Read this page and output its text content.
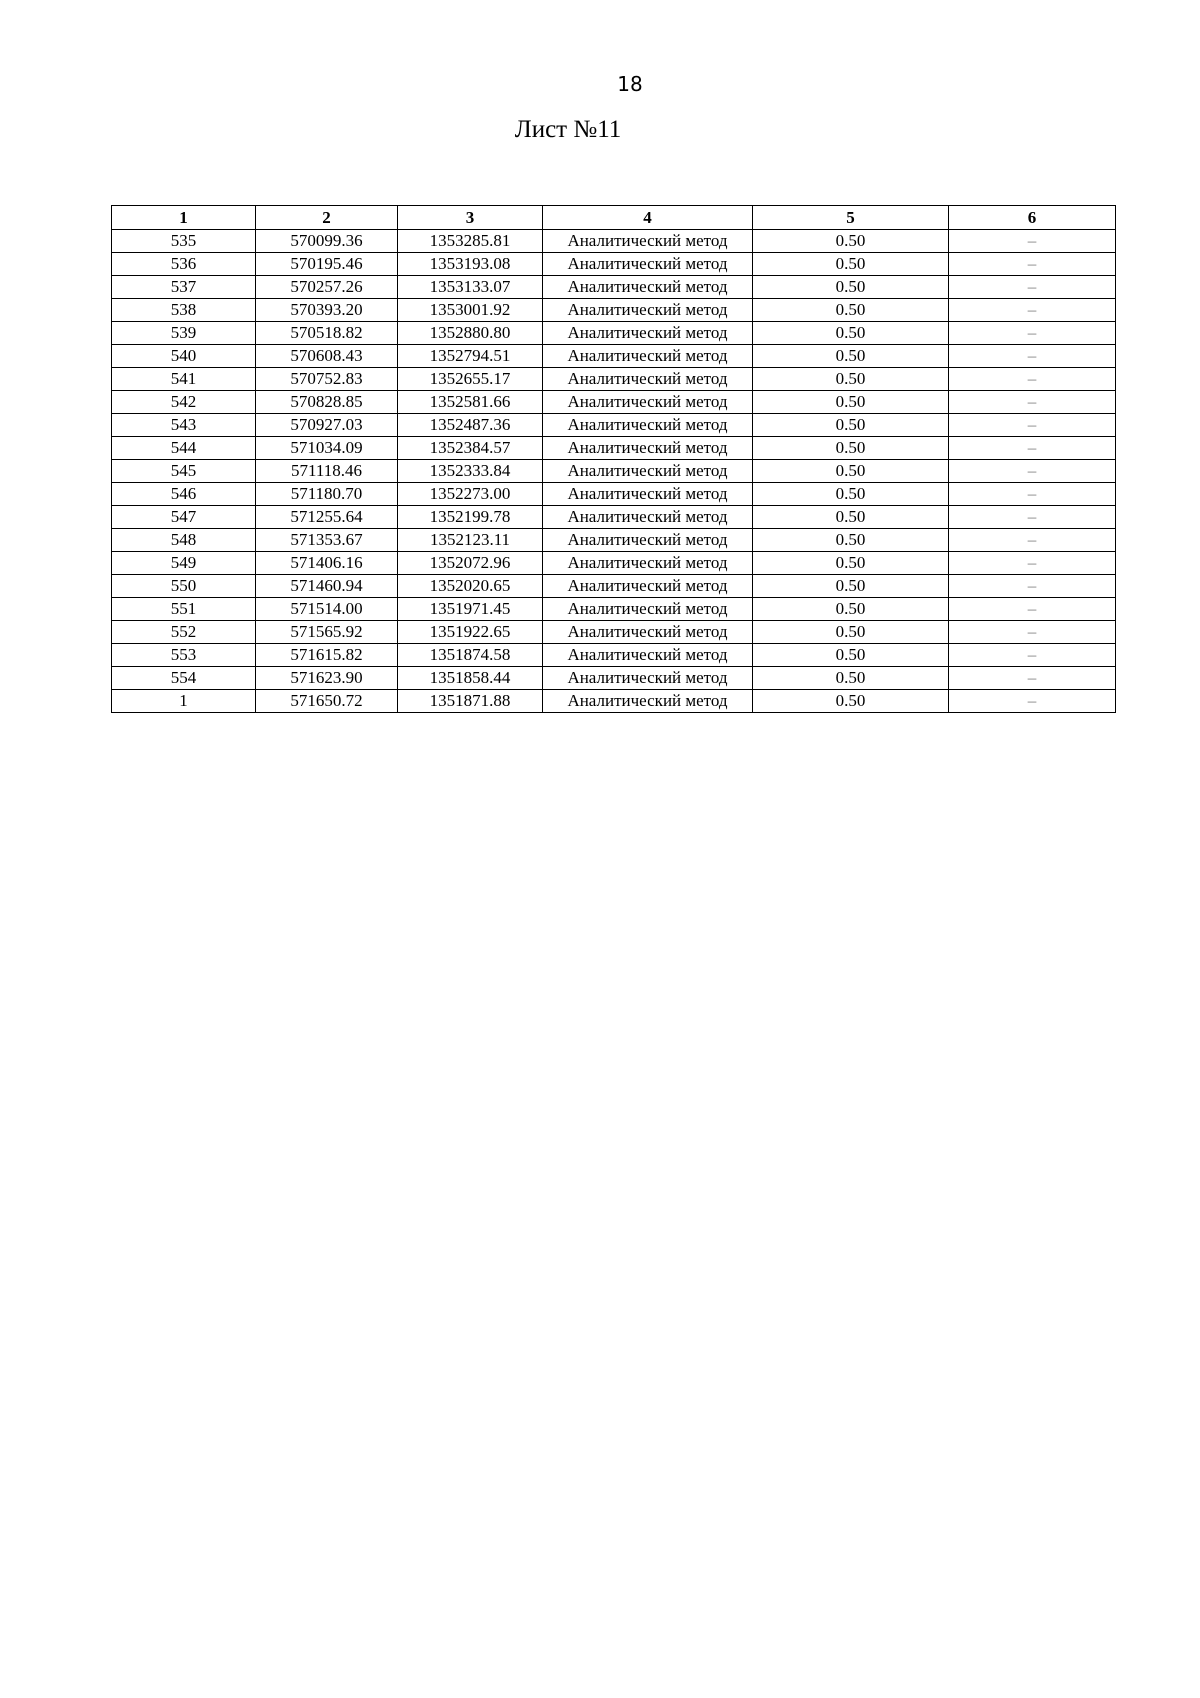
18
Лист №11
1	2	3	4	5	6
535	570099.36	1353285.81	Аналитический метод	0.50	–
536	570195.46	1353193.08	Аналитический метод	0.50	–
537	570257.26	1353133.07	Аналитический метод	0.50	–
538	570393.20	1353001.92	Аналитический метод	0.50	–
539	570518.82	1352880.80	Аналитический метод	0.50	–
540	570608.43	1352794.51	Аналитический метод	0.50	–
541	570752.83	1352655.17	Аналитический метод	0.50	–
542	570828.85	1352581.66	Аналитический метод	0.50	–
543	570927.03	1352487.36	Аналитический метод	0.50	–
544	571034.09	1352384.57	Аналитический метод	0.50	–
545	571118.46	1352333.84	Аналитический метод	0.50	–
546	571180.70	1352273.00	Аналитический метод	0.50	–
547	571255.64	1352199.78	Аналитический метод	0.50	–
548	571353.67	1352123.11	Аналитический метод	0.50	–
549	571406.16	1352072.96	Аналитический метод	0.50	–
550	571460.94	1352020.65	Аналитический метод	0.50	–
551	571514.00	1351971.45	Аналитический метод	0.50	–
552	571565.92	1351922.65	Аналитический метод	0.50	–
553	571615.82	1351874.58	Аналитический метод	0.50	–
554	571623.90	1351858.44	Аналитический метод	0.50	–
1	571650.72	1351871.88	Аналитический метод	0.50	–
